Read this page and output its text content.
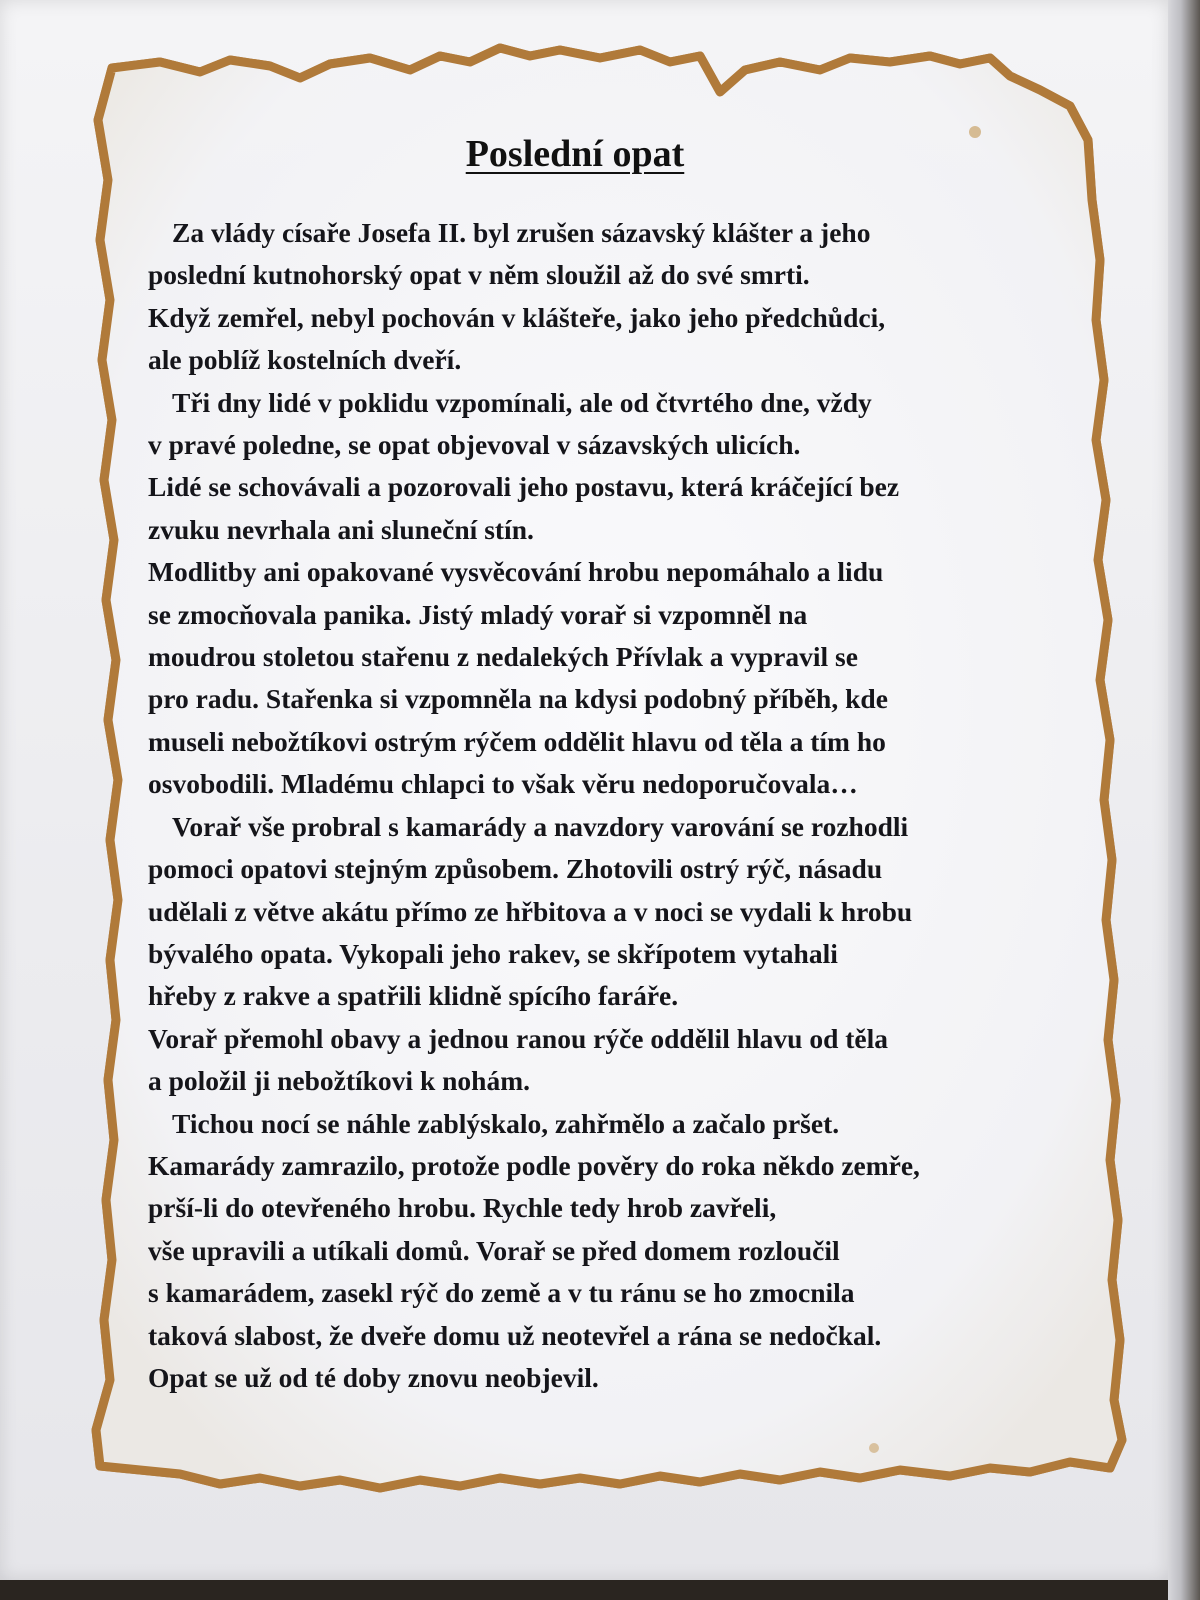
Poslední opat
Za vlády císaře Josefa II. byl zrušen sázavský klášter a jeho
poslední kutnohorský opat v něm sloužil až do své smrti.
Když zemřel, nebyl pochován v klášteře, jako jeho předchůdci,
ale poblíž kostelních dveří.
Tři dny lidé v poklidu vzpomínali, ale od čtvrtého dne, vždy
v pravé poledne, se opat objevoval v sázavských ulicích.
Lidé se schovávali a pozorovali jeho postavu, která kráčející bez
zvuku nevrhala ani sluneční stín.
Modlitby ani opakované vysvěcování hrobu nepomáhalo a lidu
se zmocňovala panika. Jistý mladý vorař si vzpomněl na
moudrou stoletou stařenu z nedalekých Přívlak a vypravil se
pro radu. Stařenka si vzpomněla na kdysi podobný příběh, kde
museli nebožtíkovi ostrým rýčem oddělit hlavu od těla a tím ho
osvobodili. Mladému chlapci to však věru nedoporučovala…
Vorař vše probral s kamarády a navzdory varování se rozhodli
pomoci opatovi stejným způsobem. Zhotovili ostrý rýč, násadu
udělali z větve akátu přímo ze hřbitova a v noci se vydali k hrobu
bývalého opata. Vykopali jeho rakev, se skřípotem vytahali
hřeby z rakve a spatřili klidně spícího faráře.
Vorař přemohl obavy a jednou ranou rýče oddělil hlavu od těla
a položil ji nebožtíkovi k nohám.
Tichou nocí se náhle zablýskalo, zahřmělo a začalo pršet.
Kamarády zamrazilo, protože podle pověry do roka někdo zemře,
prší-li do otevřeného hrobu. Rychle tedy hrob zavřeli,
vše upravili a utíkali domů. Vorař se před domem rozloučil
s kamarádem, zasekl rýč do země a v tu ránu se ho zmocnila
taková slabost, že dveře domu už neotevřel a rána se nedočkal.
Opat se už od té doby znovu neobjevil.
